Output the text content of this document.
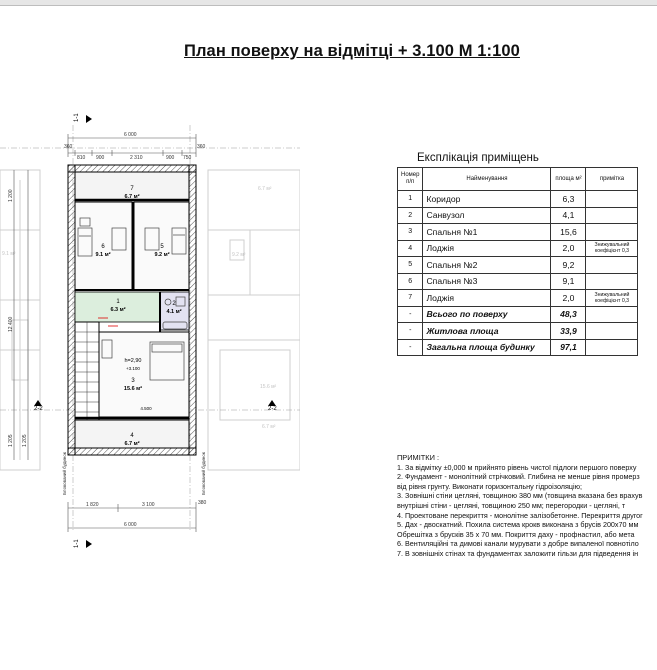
План поверху на відмітці + 3.100 М 1:100
6.7 м²
9.1 м²	9.2 м²
6.7 м²
15.6 м²
6 000
360
810 900	2 310	900 750
360
1 200
12 400
1 205 1 205
7
6.7 м²
6
9.1 м²
5
9.2 м²
1
6.3 м²
2
4.1 м²
h=2,90
+3.100
3
15.6 м²
4
6.7 м²
4.500
Блокований будинок	Блокований будинок
1 820	3 100	380
6 000
1-1
1-1
2-2	2-2
Експлікація приміщень
Номер п/п	Найменування	площа м²	примітка
1	Коридор	6,3	
2	Санвузол	4,1	
3	Спальня №1	15,6	
4	Лоджія	2,0	Знижувальний коефіцієнт 0,3
5	Спальня №2	9,2	
6	Спальня №3	9,1	
7	Лоджія	2,0	Знижувальний коефіцієнт 0,3
-	Всього по поверху	48,3	
-	Житлова площа	33,9	
-	Загальна площа будинку	97,1	
ПРИМІТКИ :
1. За відмітку ±0,000 м прийнято рівень чистої підлоги першого поверху
2. Фундамент - монолітний стрічковий. Глибина не менше рівня промерз
від рівня грунту. Виконати горизонтальну гідроізоляцію;
3. Зовнішні стіни цегляні, товщиною 380 мм (товщина вказана без врахув
внутрішні стіни - цегляні, товщиною 250 мм; перегородки - цегляні, т
4. Проектоване перекриття - монолітне залізобетонне. Перекриття другог
5. Дах - двоскатний. Похила система крокв виконана з брусів 200х70 мм
Обрешітка з брусків 35 х 70 мм. Покриття даху - профнастил, або мета
6. Вентиляційні та димові канали мурувати з добре випаленої повнотіло
7. В зовнішніх стінах та фундаментах заложити гільзи для підведення ін
